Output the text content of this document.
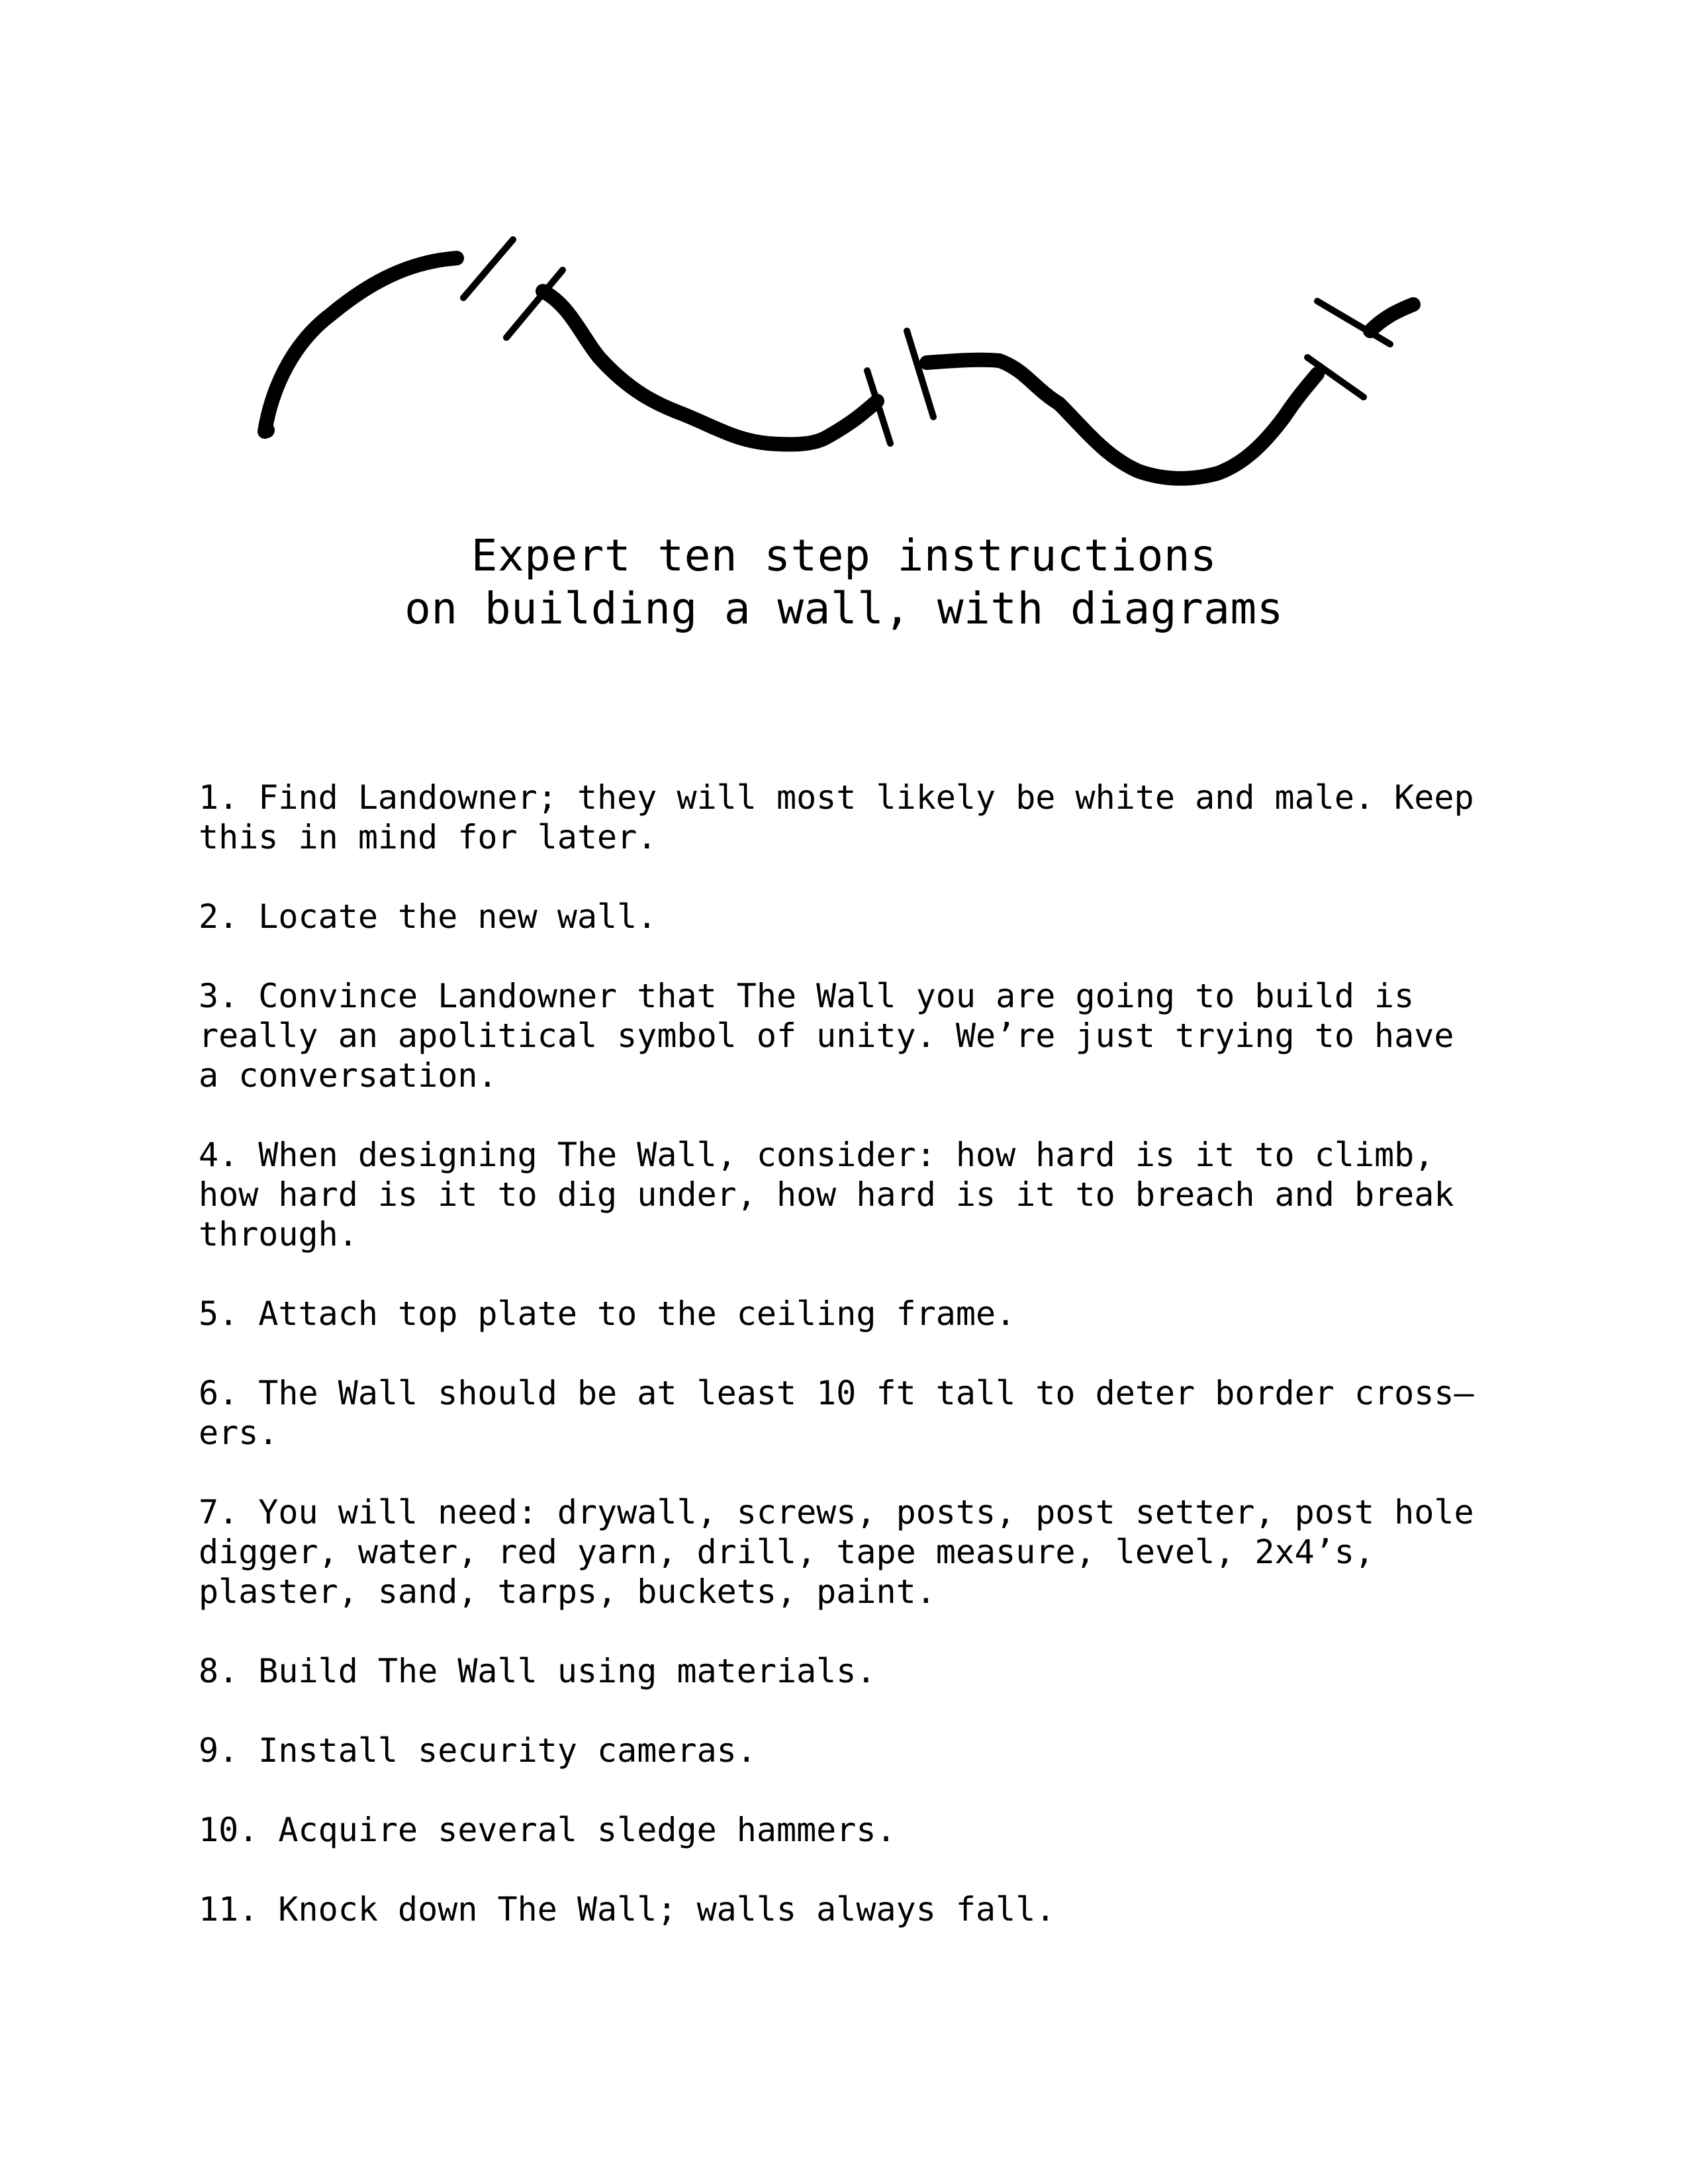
Expert ten step instructions
on building a wall, with diagrams
1. Find Landowner; they will most likely be white and male. Keep
this in mind for later.
2. Locate the new wall.
3. Convince Landowner that The Wall you are going to build is
really an apolitical symbol of unity. We’re just trying to have
a conversation.
4. When designing The Wall, consider: how hard is it to climb,
how hard is it to dig under, how hard is it to breach and break
through.
5. Attach top plate to the ceiling frame.
6. The Wall should be at least 10 ft tall to deter border cross–
ers.
7. You will need: drywall, screws, posts, post setter, post hole
digger, water, red yarn, drill, tape measure, level, 2x4’s,
plaster, sand, tarps, buckets, paint.
8. Build The Wall using materials.
9. Install security cameras.
10. Acquire several sledge hammers.
11. Knock down The Wall; walls always fall.
